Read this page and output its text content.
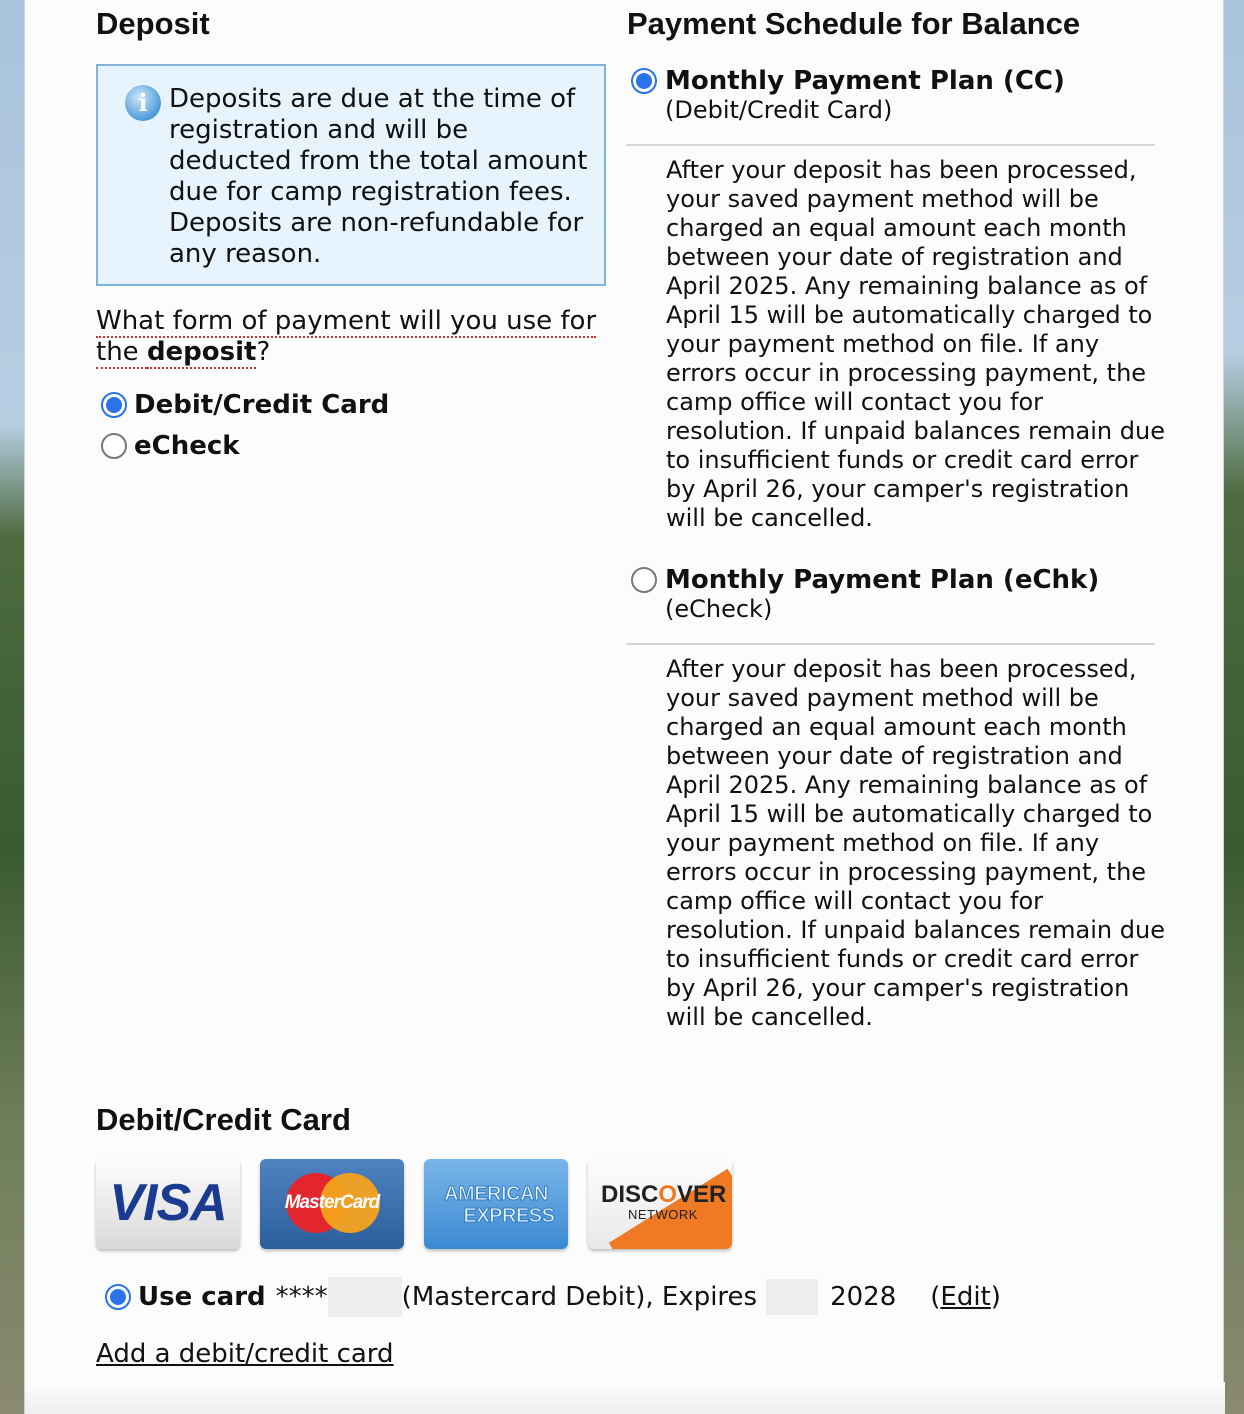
Deposit
i Deposits are due at the time of registration and will be deducted from the total amount due for camp registration fees. Deposits are non-refundable for any reason.
What form of payment will you use for the deposit?
Debit/Credit Card
eCheck
Payment Schedule for Balance
Monthly Payment Plan (CC)
(Debit/Credit Card)
After your deposit has been processed, your saved payment method will be charged an equal amount each month between your date of registration and April 2025. Any remaining balance as of April 15 will be automatically charged to your payment method on file. If any errors occur in processing payment, the camp office will contact you for resolution. If unpaid balances remain due to insufficient funds or credit card error by April 26, your camper's registration will be cancelled.
Monthly Payment Plan (eChk)
(eCheck)
After your deposit has been processed, your saved payment method will be charged an equal amount each month between your date of registration and April 2025. Any remaining balance as of April 15 will be automatically charged to your payment method on file. If any errors occur in processing payment, the camp office will contact you for resolution. If unpaid balances remain due to insufficient funds or credit card error by April 26, your camper's registration will be cancelled.
Debit/Credit Card
VISA	MasterCard	AMERICAN
EXPRESS
DISCOVER
NETWORK
Use card ****	(Mastercard Debit), Expires	2028 ( Edit )
Add a debit/credit card
